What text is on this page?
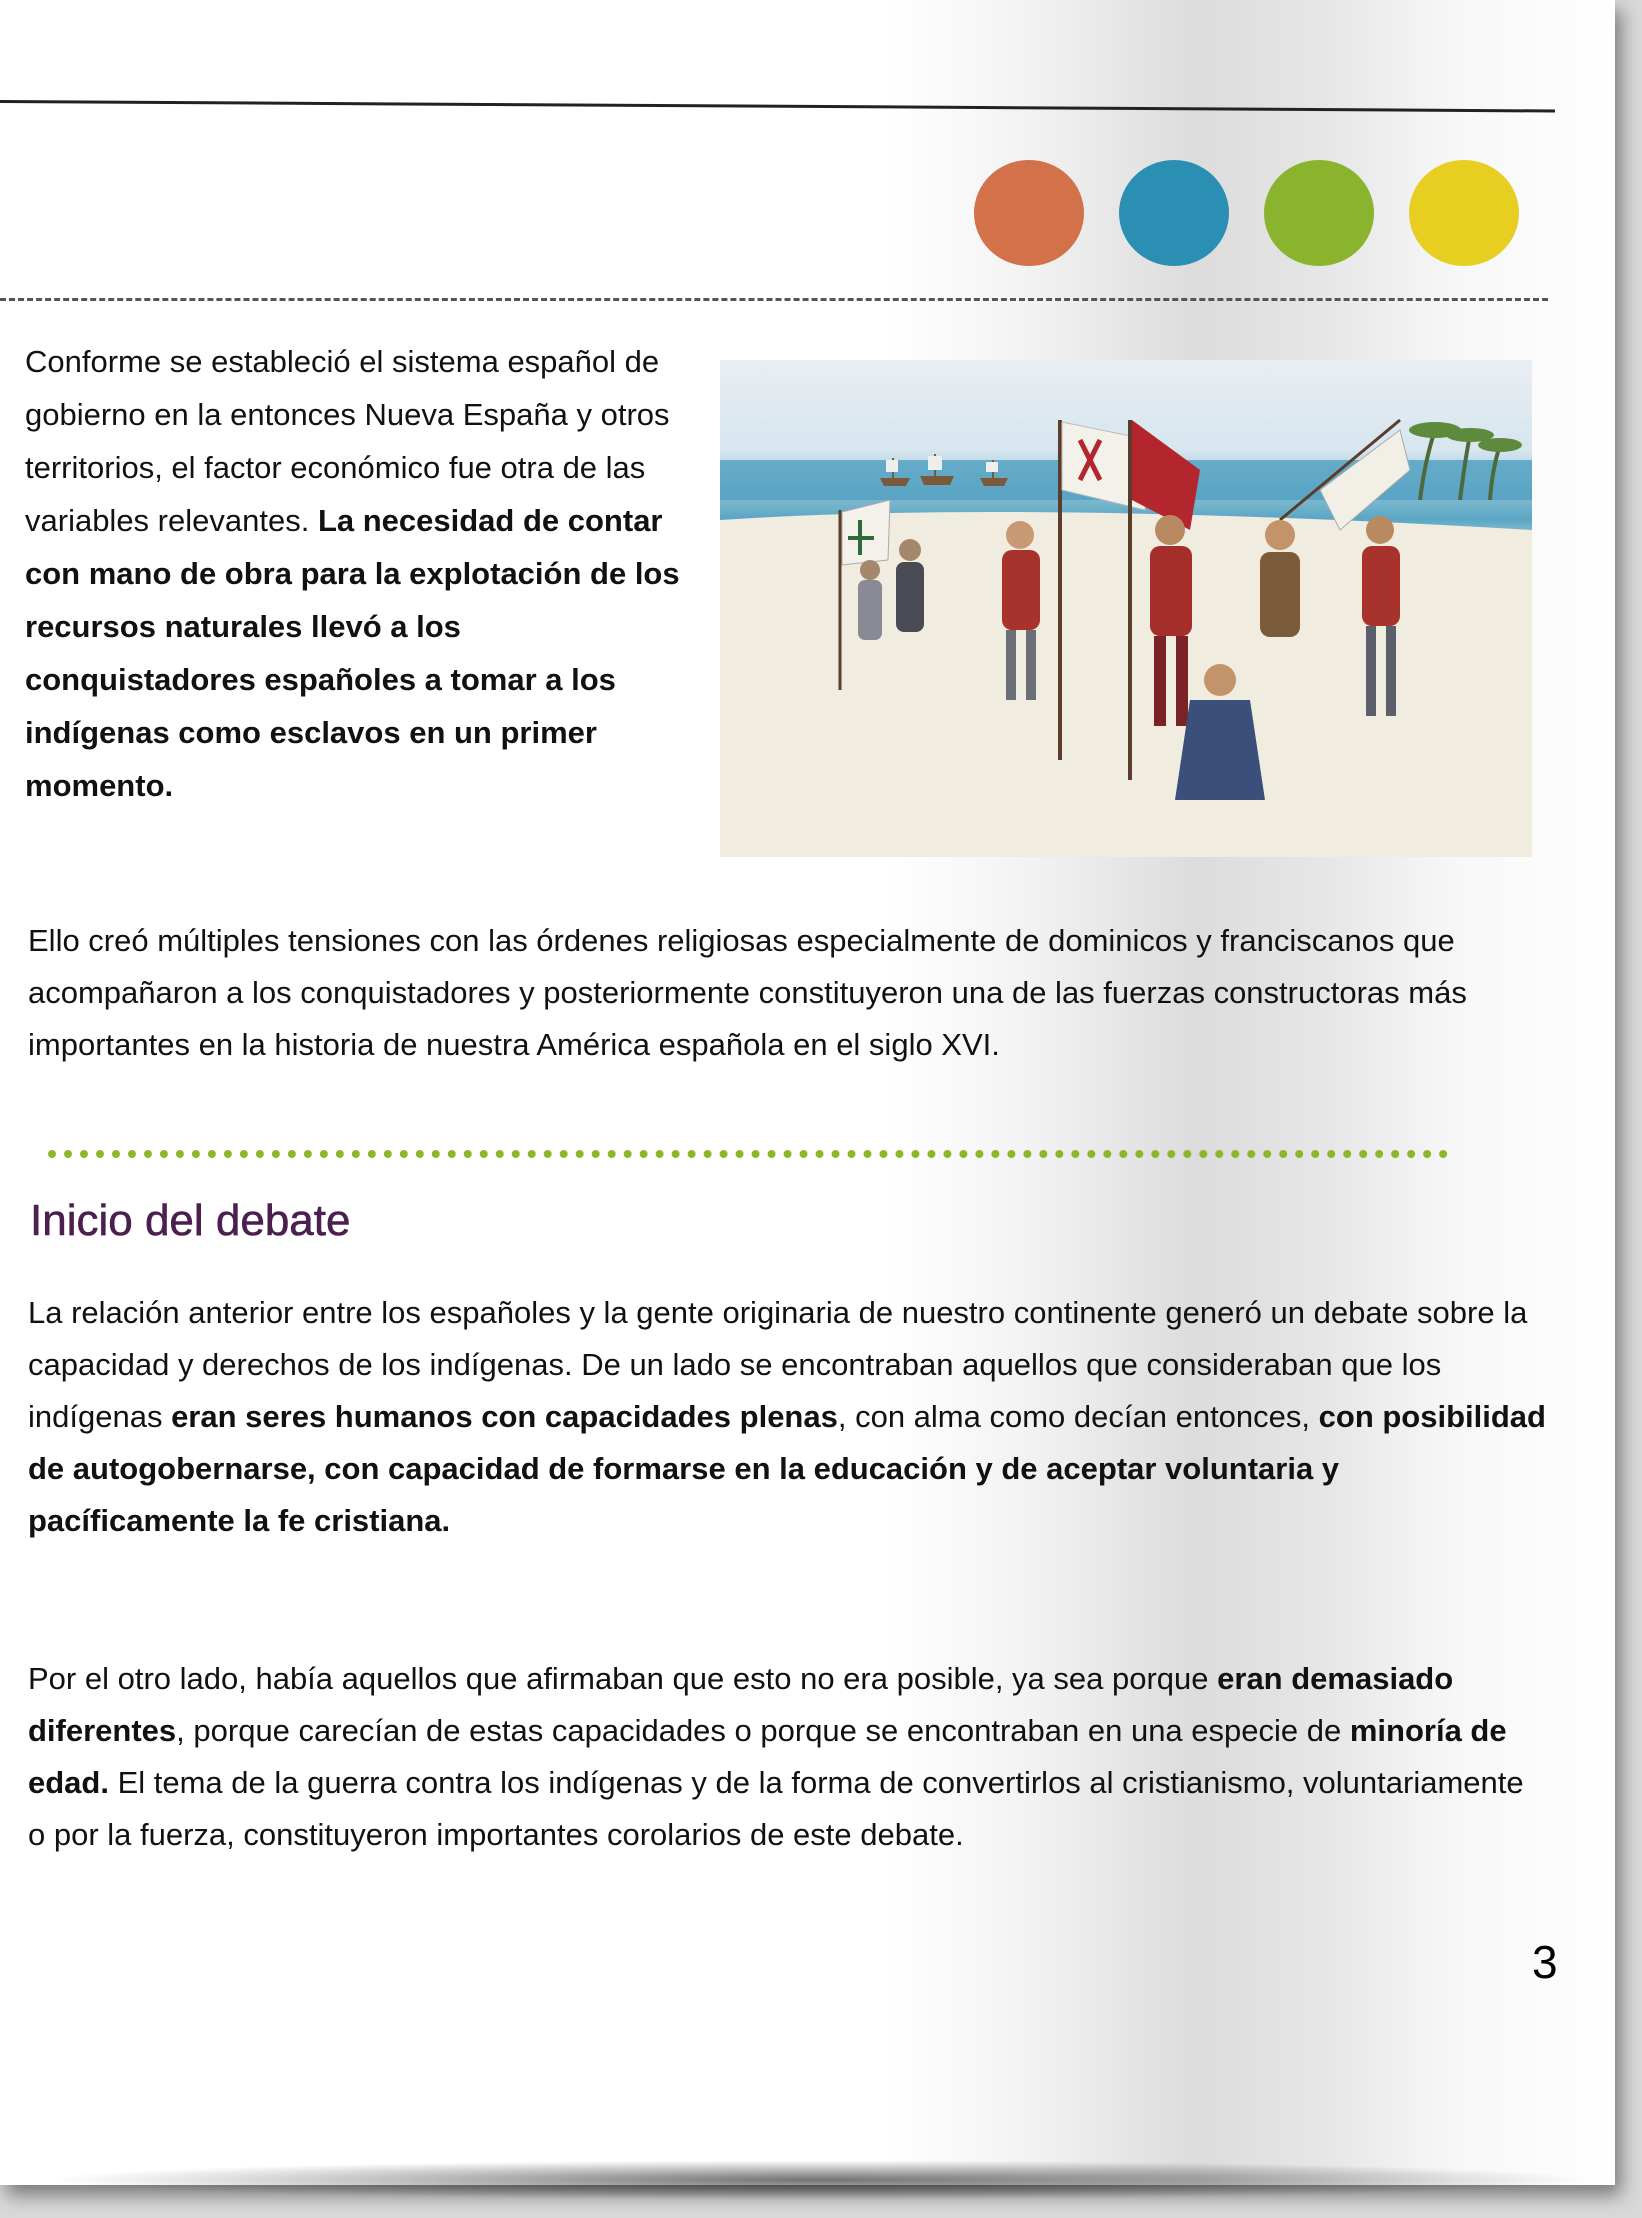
Conforme se estableció el sistema español de gobierno en la entonces Nueva España y otros territorios, el factor económico fue otra de las variables relevantes. La necesidad de contar con mano de obra para la explotación de los recursos naturales llevó a los conquistadores españoles a tomar a los indígenas como esclavos en un primer momento.
Ello creó múltiples tensiones con las órdenes religiosas especialmente de dominicos y franciscanos que acompañaron a los conquistadores y posteriormente constituyeron una de las fuerzas constructoras más importantes en la historia de nuestra América española en el siglo XVI.
Inicio del debate
La relación anterior entre los españoles y la gente originaria de nuestro continente generó un debate sobre la capacidad y derechos de los indígenas. De un lado se encontraban aquellos que consideraban que los indígenas eran seres humanos con capacidades plenas, con alma como decían entonces, con posibilidad de autogobernarse, con capacidad de formarse en la educación y de aceptar voluntaria y pacíficamente la fe cristiana.
Por el otro lado, había aquellos que afirmaban que esto no era posible, ya sea porque eran demasiado diferentes, porque carecían de estas capacidades o porque se encontraban en una especie de minoría de edad. El tema de la guerra contra los indígenas y de la forma de convertirlos al cristianismo, voluntariamente o por la fuerza, constituyeron importantes corolarios de este debate.
3
